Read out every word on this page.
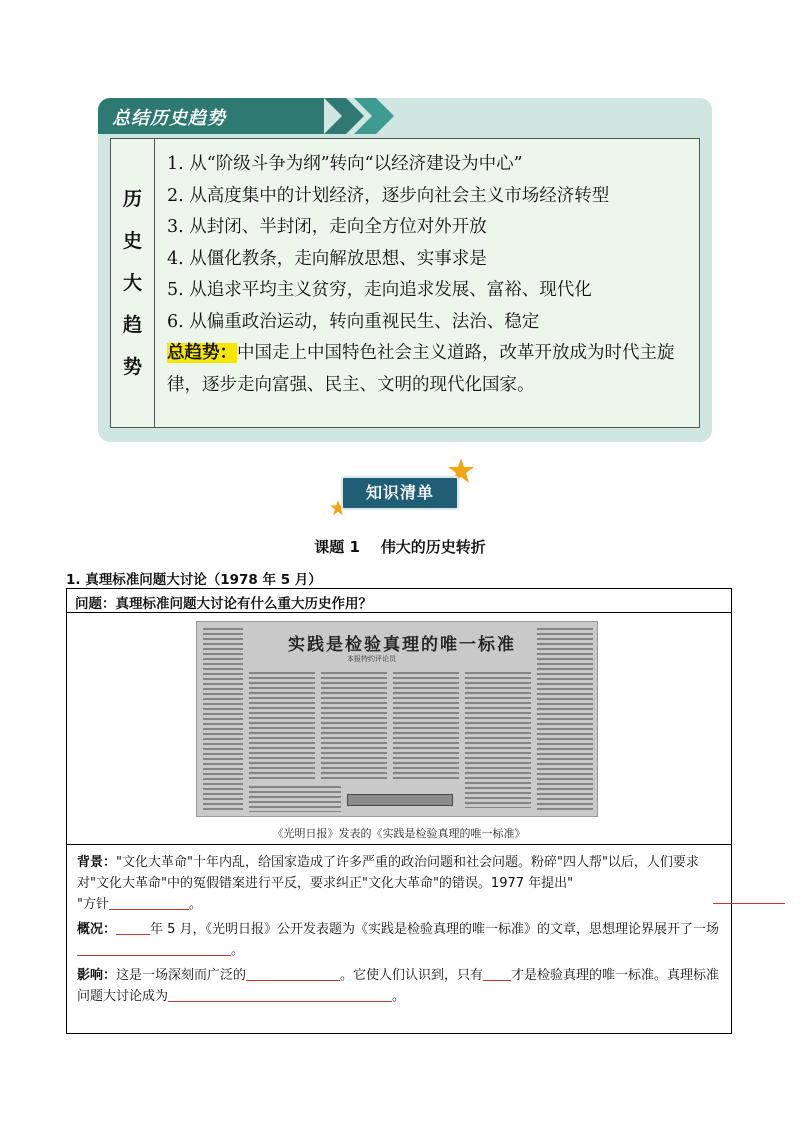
总结历史趋势
历
史
大
趋
势
1. 从“阶级斗争为纲”转向“以经济建设为中心”
2. 从高度集中的计划经济，逐步向社会主义市场经济转型
3. 从封闭、半封闭，走向全方位对外开放
4. 从僵化教条，走向解放思想、实事求是
5. 从追求平均主义贫穷，走向追求发展、富裕、现代化
6. 从偏重政治运动，转向重视民生、法治、稳定
总趋势：中国走上中国特色社会主义道路，改革开放成为时代主旋律，逐步走向富强、民主、文明的现代化国家。
知识清单
课题 1    伟大的历史转折
1. 真理标准问题大讨论（1978 年 5 月）
问题：真理标准问题大讨论有什么重大历史作用？
实践是检验真理的唯一标准
本报特约评论员
《光明日报》发表的《实践是检验真理的唯一标准》

背景："文化大革命"十年内乱，给国家造成了许多严重的政治问题和社会问题。粉碎"四人帮"以后，人们要求对"文化大革命"中的冤假错案进行平反，要求纠正"文化大革命"的错误。1977 年提出"
"方针	。

概况：	年 5 月，《光明日报》公开发表题为《实践是检验真理的唯一标准》的文章，思想理论界展开了一场。

影响：这是一场深刻而广泛的	。它使人们认识到，只有 才是检验真理的唯一标准。真理标准问题大讨论成为	。
